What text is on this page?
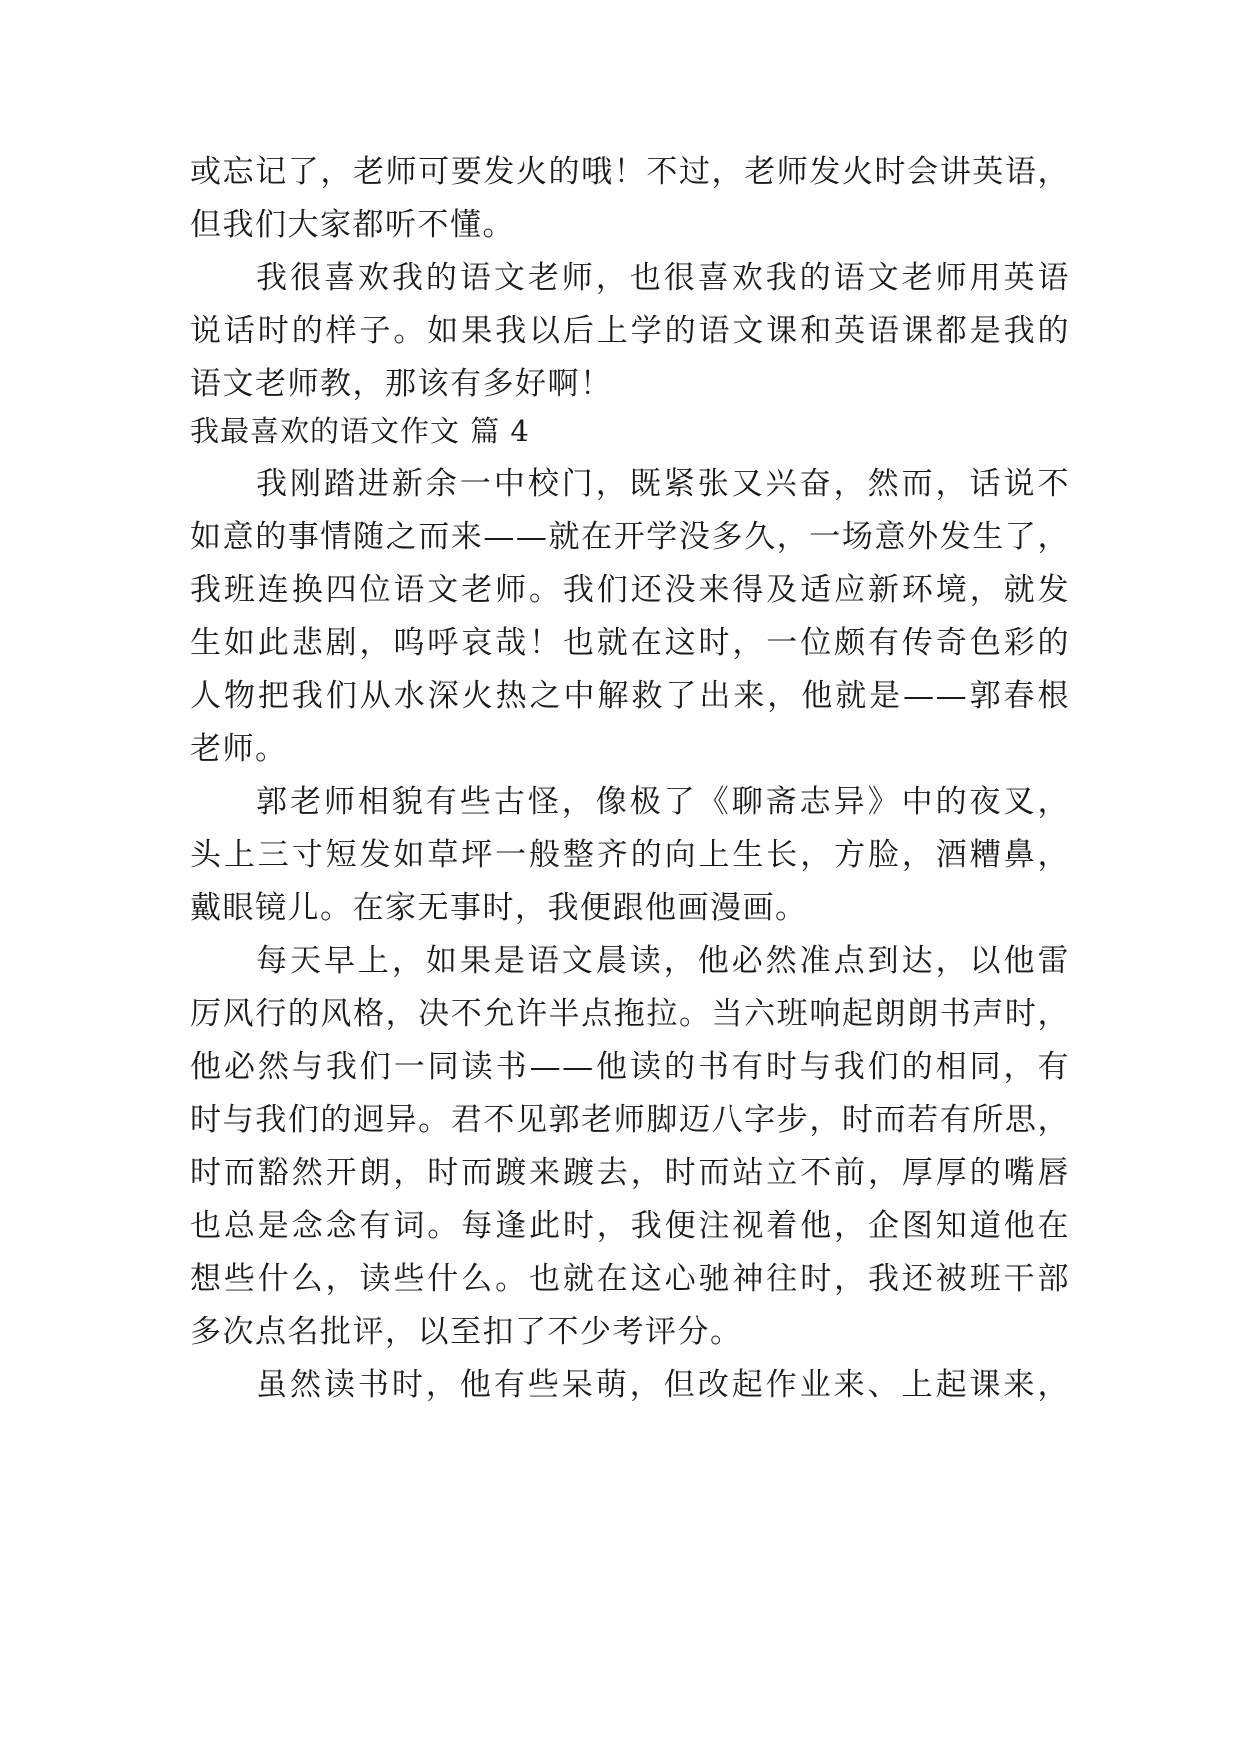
或忘记了，老师可要发火的哦！不过，老师发火时会讲英语，
但我们大家都听不懂。
我很喜欢我的语文老师，也很喜欢我的语文老师用英语
说话时的样子。如果我以后上学的语文课和英语课都是我的
语文老师教，那该有多好啊！
我最喜欢的语文作文 篇 4
我刚踏进新余一中校门，既紧张又兴奋，然而，话说不
如意的事情随之而来——就在开学没多久，一场意外发生了，
我班连换四位语文老师。我们还没来得及适应新环境，就发
生如此悲剧，呜呼哀哉！也就在这时，一位颇有传奇色彩的
人物把我们从水深火热之中解救了出来，他就是——郭春根
老师。
郭老师相貌有些古怪，像极了《聊斋志异》中的夜叉，
头上三寸短发如草坪一般整齐的向上生长，方脸，酒糟鼻，
戴眼镜儿。在家无事时，我便跟他画漫画。
每天早上，如果是语文晨读，他必然准点到达，以他雷
厉风行的风格，决不允许半点拖拉。当六班响起朗朗书声时，
他必然与我们一同读书——他读的书有时与我们的相同，有
时与我们的迥异。君不见郭老师脚迈八字步，时而若有所思，
时而豁然开朗，时而踱来踱去，时而站立不前，厚厚的嘴唇
也总是念念有词。每逢此时，我便注视着他，企图知道他在
想些什么，读些什么。也就在这心驰神往时，我还被班干部
多次点名批评，以至扣了不少考评分。
虽然读书时，他有些呆萌，但改起作业来、上起课来，
